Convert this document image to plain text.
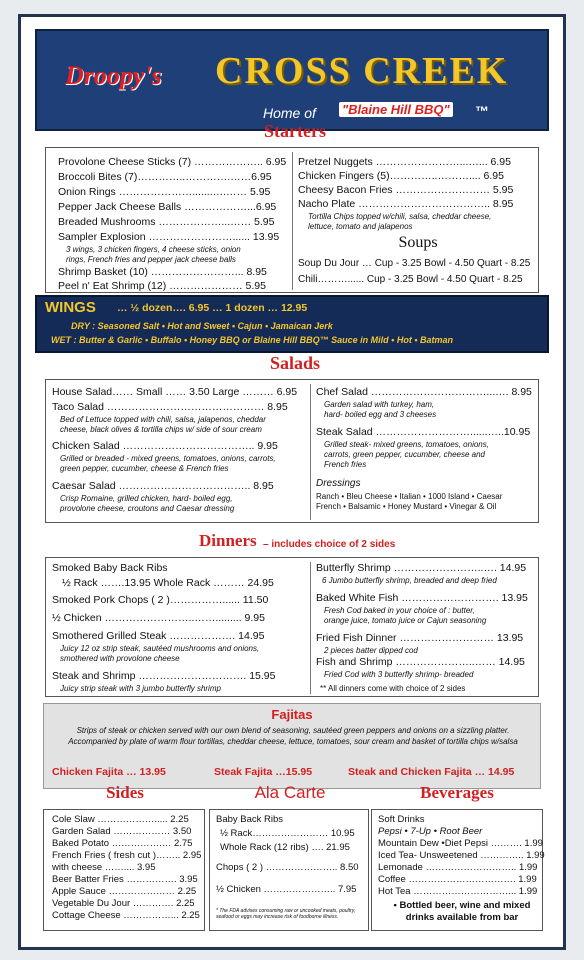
Droopy's CROSS CREEK
Home of "Blaine Hill BBQ" ™
Starters
Provolone Cheese Sticks (7) ……………….. 6.95
Broccoli Bites (7)…………..………….……6.95
Onion Rings ………………….......….…… 5.95
Pepper Jack Cheese Balls ………………...6.95
Breaded Mushrooms ………………...…… 5.95
Sampler Explosion ……………………...... 13.95
3 wings, 3 chicken fingers, 4 cheese sticks, onion rings, French fries and pepper jack cheese balls
Shrimp Basket (10) ……………………... 8.95
Peel n' Eat Shrimp (12) ………………… 5.95
Pretzel Nuggets ……………………...…... 6.95
Chicken Fingers (5)…………..……….... 6.95
Cheesy Bacon Fries ……………………… 5.95
Nacho Plate ……………………………….. 8.95
Tortilla Chips topped w/chili, salsa, cheddar cheese, lettuce, tomato and jalapenos
Soups
Soup Du Jour … Cup - 3.25 Bowl - 4.50 Quart - 8.25
Chili………...... Cup - 3.25 Bowl - 4.50 Quart - 8.25
WINGS … ½ dozen…. 6.95 … 1 dozen … 12.95
DRY : Seasoned Salt • Hot and Sweet • Cajun • Jamaican Jerk
WET : Butter & Garlic • Buffalo • Honey BBQ or Blaine Hill BBQ™ Sauce in Mild • Hot • Batman
Salads
House Salad…… Small …… 3.50 Large ……… 6.95
Taco Salad ……………………………………… 8.95
Bed of Lettuce topped with chili, salsa, jalapenos, cheddar cheese, black olives & tortilla chips w/ side of sour cream
Chicken Salad ……………………………….. 9.95
Grilled or breaded - mixed greens, tomatoes, onions, carrots, green pepper, cucumber, cheese & French fries
Caesar Salad ……………………………….. 8.95
Crisp Romaine, grilled chicken, hard- boiled egg, provolone cheese, croutons and Caesar dressing
Chef Salad ……………………………...…. 8.95
Garden salad with turkey, ham, hard- boiled egg and 3 cheeses
Steak Salad ………………………......…..10.95
Grilled steak- mixed greens, tomatoes, onions, carrots, green pepper, cucumber, cheese and French fries
Dressings
Ranch • Bleu Cheese • Italian • 1000 Island • Caesar French • Balsamic • Honey Mustard • Vinegar & Oil
Dinners – includes choice of 2 sides
Smoked Baby Back Ribs
½ Rack …….13.95 Whole Rack ……… 24.95
Smoked Pork Chops ( 2 )……………...... 11.50
½ Chicken ……………………..……......... 9.95
Smothered Grilled Steak ………………. 14.95
Juicy 12 oz strip steak, sautéed mushrooms and onions, smothered with provolone cheese
Steak and Shrimp …………………………. 15.95
Juicy strip steak with 3 jumbo butterfly shrimp
Butterfly Shrimp ……………………..…. 14.95
6 Jumbo butterfly shrimp, breaded and deep fried
Baked White Fish ………………………. 13.95
Fresh Cod baked in your choice of : butter, orange juice, tomato juice or Cajun seasoning
Fried Fish Dinner ……………………… 13.95
2 pieces batter dipped cod
Fish and Shrimp …………………..…… 14.95
Fried Cod with 3 butterfly shrimp- breaded
** All dinners come with choice of 2 sides
Fajitas
Strips of steak or chicken served with our own blend of seasoning, sautéed green peppers and onions on a sizzling platter. Accompanied by plate of warm flour tortillas, cheddar cheese, lettuce, tomatoes, sour cream and basket of tortilla chips w/salsa
Chicken Fajita … 13.95	Steak Fajita …15.95	Steak and Chicken Fajita … 14.95
Sides	Ala Carte	Beverages
Cole Slaw ………………..... 2.25
Garden Salad ……………… 3.50
Baked Potato …………….… 2.75
French Fries ( fresh cut )…….. 2.95
with cheese …….... 3.95
Beer Batter Fries ……………. 3.95
Apple Sauce ………………… 2.25
Vegetable Du Jour …………. 2.25
Cottage Cheese ……………... 2.25
Baby Back Ribs
½ Rack…………………… 10.95
Whole Rack (12 ribs) …. 21.95
Chops ( 2 ) ………………….. 8.50
½ Chicken ………………….. 7.95
* The FDA advises consuming raw or uncooked meats, poultry, seafood or eggs may increase risk of foodborne illness.
Soft Drinks
Pepsi • 7-Up • Root Beer
Mountain Dew •Diet Pepsi ………. 1.99
Iced Tea- Unsweetened ………….. 1.99
Lemonade ……………………….. 1.99
Coffee ……………………………. 1.99
Hot Tea …………………………... 1.99
• Bottled beer, wine and mixed drinks available from bar
